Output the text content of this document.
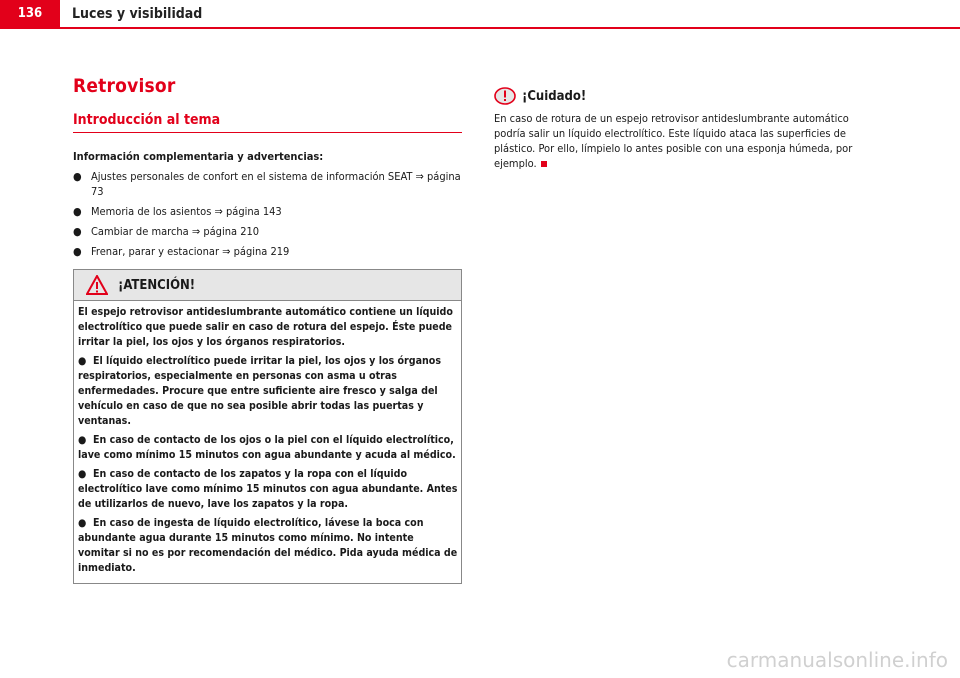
136	Luces y visibilidad
Retrovisor
Introducción al tema
Información complementaria y advertencias:
● Ajustes personales de confort en el sistema de información SEAT ⇒ página 73
● Memoria de los asientos ⇒ página 143
● Cambiar de marcha ⇒ página 210
● Frenar, parar y estacionar ⇒ página 219
¡ATENCIÓN!

El espejo retrovisor antideslumbrante automático contiene un líquido electrolítico que puede salir en caso de rotura del espejo. Éste puede irritar la piel, los ojos y los órganos respiratorios.

●  El líquido electrolítico puede irritar la piel, los ojos y los órganos respiratorios, especialmente en personas con asma u otras enfermedades. Procure que entre suficiente aire fresco y salga del vehículo en caso de que no sea posible abrir todas las puertas y ventanas.

●  En caso de contacto de los ojos o la piel con el líquido electrolítico, lave como mínimo 15 minutos con agua abundante y acuda al médico.

●  En caso de contacto de los zapatos y la ropa con el líquido electrolítico lave como mínimo 15 minutos con agua abundante. Antes de utilizarlos de nuevo, lave los zapatos y la ropa.

●  En caso de ingesta de líquido electrolítico, lávese la boca con abundante agua durante 15 minutos como mínimo. No intente vomitar si no es por recomendación del médico. Pida ayuda médica de inmediato.

¡Cuidado!

En caso de rotura de un espejo retrovisor antideslumbrante automático podría salir un líquido electrolítico. Este líquido ataca las superficies de plástico. Por ello, límpielo lo antes posible con una esponja húmeda, por ejemplo.

carmanualsonline.info
